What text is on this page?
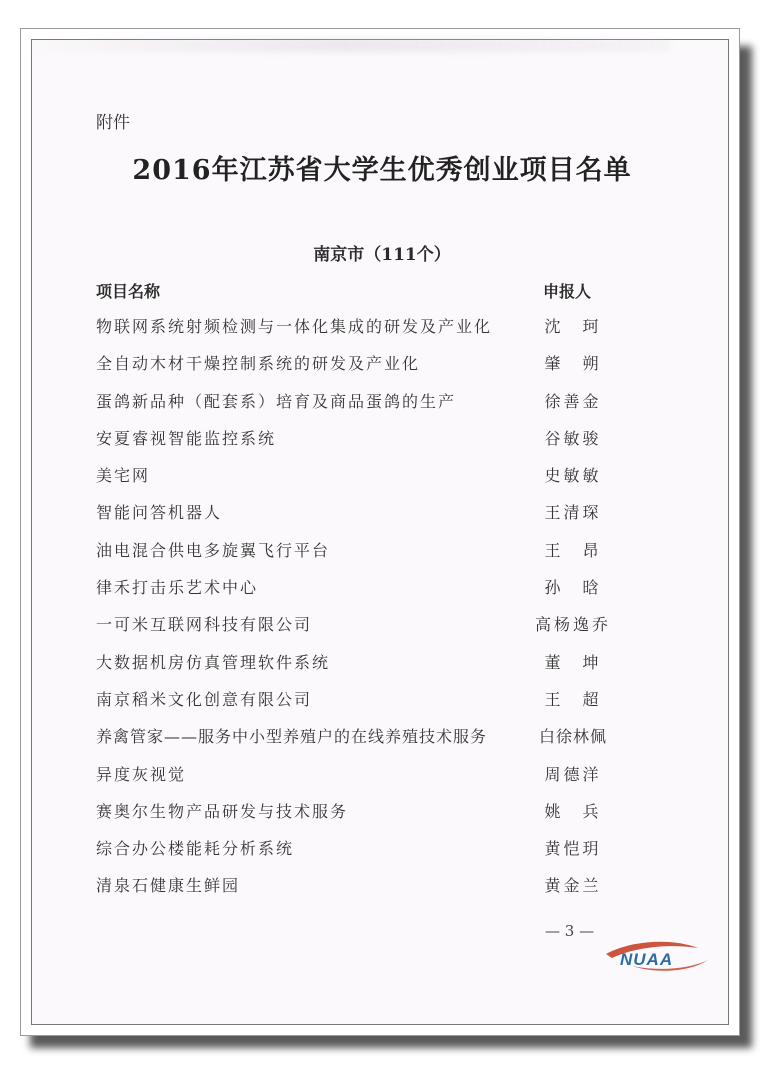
附件
2016年江苏省大学生优秀创业项目名单
南京市（111个）
项目名称	申报人
物联网系统射频检测与一体化集成的研发及产业化	沈　珂
全自动木材干燥控制系统的研发及产业化	肇　朔
蛋鸽新品种（配套系）培育及商品蛋鸽的生产	徐善金
安夏睿视智能监控系统	谷敏骏
美宅网	史敏敏
智能问答机器人	王清琛
油电混合供电多旋翼飞行平台	王　昂
律禾打击乐艺术中心	孙　晗
一可米互联网科技有限公司	高杨逸乔
大数据机房仿真管理软件系统	董　坤
南京稻米文化创意有限公司	王　超
养禽管家——服务中小型养殖户的在线养殖技术服务	白徐林佩
异度灰视觉	周德洋
赛奥尔生物产品研发与技术服务	姚　兵
综合办公楼能耗分析系统	黄恺玥
清泉石健康生鲜园	黄金兰
— 3 —
NUAA
